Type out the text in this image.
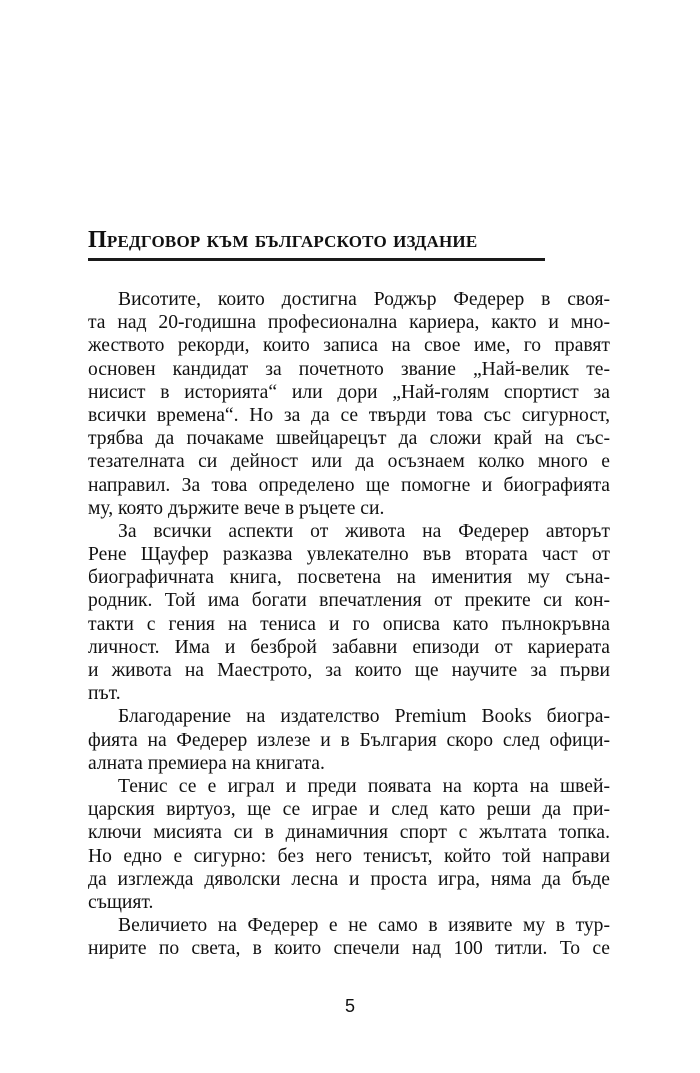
Предговор към българското издание
Висотите, които достигна Роджър Федерер в своя-
та над 20-годишна професионална кариера, както и мно-
жеството рекорди, които записа на свое име, го правят
основен кандидат за почетното звание „Най-велик те-
нисист в историята“ или дори „Най-голям спортист за
всички времена“. Но за да се твърди това със сигурност,
трябва да почакаме швейцарецът да сложи край на със-
тезателната си дейност или да осъзнаем колко много е
направил. За това определено ще помогне и биографията
му, която държите вече в ръцете си.
За всички аспекти от живота на Федерер авторът
Рене Щауфер разказва увлекателно във втората част от
биографичната книга, посветена на именития му съна-
родник. Той има богати впечатления от преките си кон-
такти с гения на тениса и го описва като пълнокръвна
личност. Има и безброй забавни епизоди от кариерата
и живота на Маестрото, за които ще научите за първи
път.
Благодарение на издателство Premium Books биогра-
фията на Федерер излезе и в България скоро след офици-
алната премиера на книгата.
Тенис се е играл и преди появата на корта на швей-
царския виртуоз, ще се играе и след като реши да при-
ключи мисията си в динамичния спорт с жълтата топка.
Но едно е сигурно: без него тенисът, който той направи
да изглежда дяволски лесна и проста игра, няма да бъде
същият.
Величието на Федерер е не само в изявите му в тур-
нирите по света, в които спечели над 100 титли. То се
5
